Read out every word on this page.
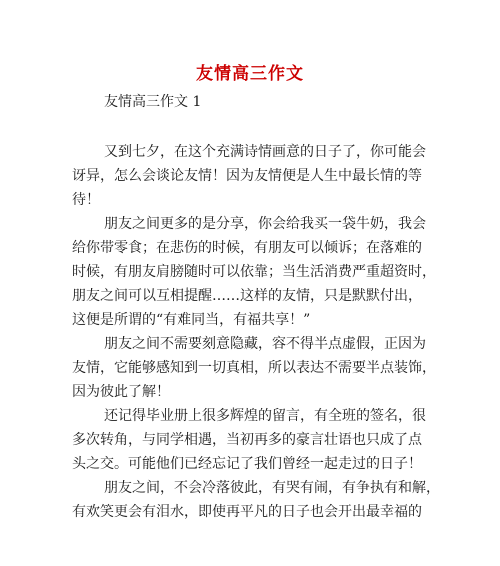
友情高三作文
友情高三作文 1
又到七夕，在这个充满诗情画意的日子了，你可能会
讶异，怎么会谈论友情！因为友情便是人生中最长情的等
待！
朋友之间更多的是分享，你会给我买一袋牛奶，我会
给你带零食；在悲伤的时候，有朋友可以倾诉；在落难的
时候，有朋友肩膀随时可以依靠；当生活消费严重超资时，
朋友之间可以互相提醒……这样的友情，只是默默付出，
这便是所谓的“有难同当，有福共享！”
朋友之间不需要刻意隐藏，容不得半点虚假，正因为
友情，它能够感知到一切真相，所以表达不需要半点装饰，
因为彼此了解！
还记得毕业册上很多辉煌的留言，有全班的签名，很
多次转角，与同学相遇，当初再多的豪言壮语也只成了点
头之交。可能他们已经忘记了我们曾经一起走过的日子！
朋友之间，不会冷落彼此，有哭有闹，有争执有和解，
有欢笑更会有泪水，即使再平凡的日子也会开出最幸福的
